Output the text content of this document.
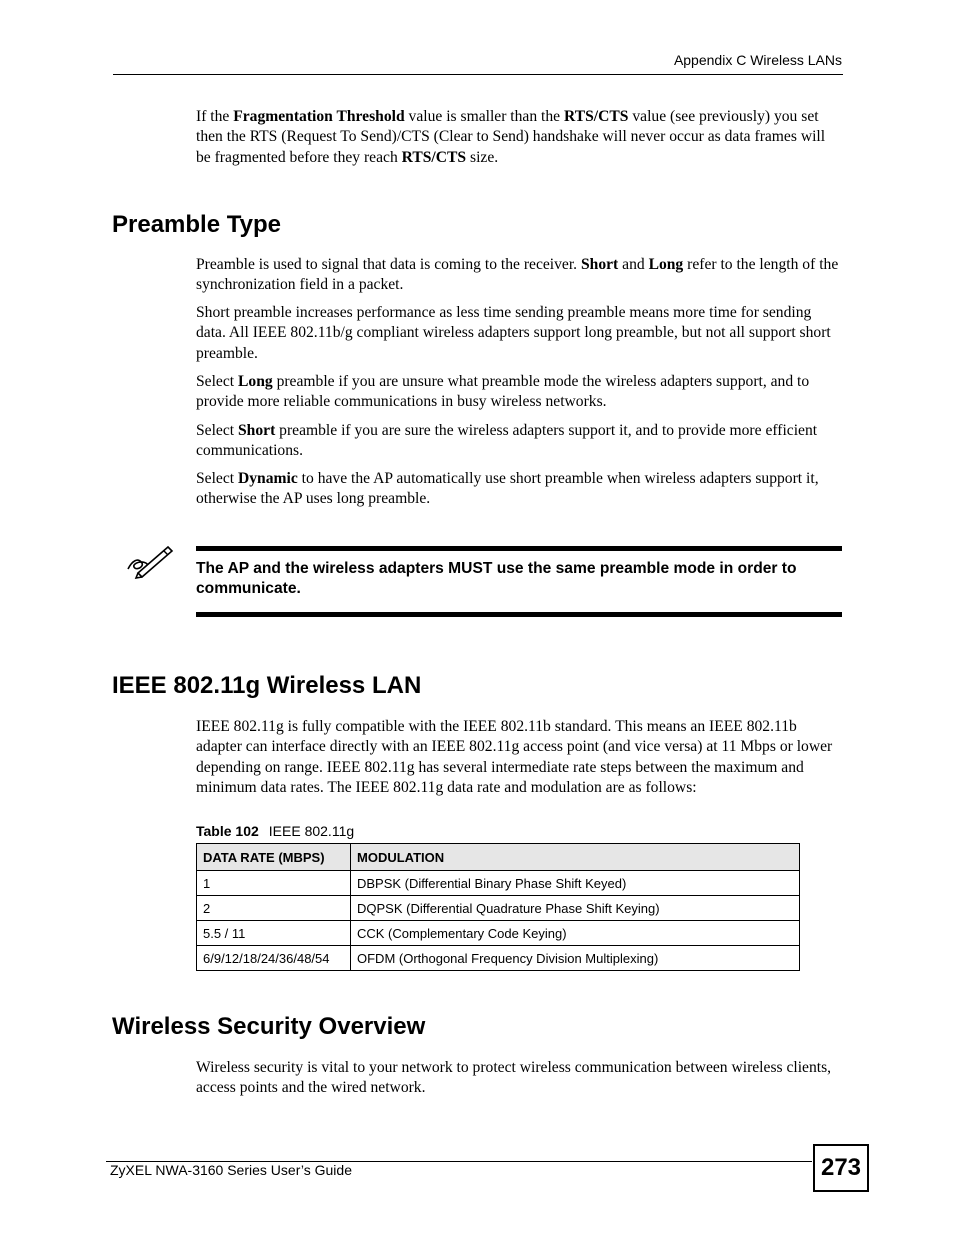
Appendix C Wireless LANs

If the Fragmentation Threshold value is smaller than the RTS/CTS value (see previously) you set then the RTS (Request To Send)/CTS (Clear to Send) handshake will never occur as data frames will be fragmented before they reach RTS/CTS size.

Preamble Type

Preamble is used to signal that data is coming to the receiver. Short and Long refer to the length of the synchronization field in a packet.

Short preamble increases performance as less time sending preamble means more time for sending data. All IEEE 802.11b/g compliant wireless adapters support long preamble, but not all support short preamble.

Select Long preamble if you are unsure what preamble mode the wireless adapters support, and to provide more reliable communications in busy wireless networks.

Select Short preamble if you are sure the wireless adapters support it, and to provide more efficient communications.

Select Dynamic to have the AP automatically use short preamble when wireless adapters support it, otherwise the AP uses long preamble.

The AP and the wireless adapters MUST use the same preamble mode in order to communicate.
IEEE 802.11g Wireless LAN

IEEE 802.11g is fully compatible with the IEEE 802.11b standard. This means an IEEE 802.11b adapter can interface directly with an IEEE 802.11g access point (and vice versa) at 11 Mbps or lower depending on range. IEEE 802.11g has several intermediate rate steps between the maximum and minimum data rates. The IEEE 802.11g data rate and modulation are as follows:

Table 102 IEEE 802.11g
DATA RATE (MBPS)	MODULATION
1	DBPSK (Differential Binary Phase Shift Keyed)
2	DQPSK (Differential Quadrature Phase Shift Keying)
5.5 / 11	CCK (Complementary Code Keying)
6/9/12/18/24/36/48/54	OFDM (Orthogonal Frequency Division Multiplexing)
Wireless Security Overview

Wireless security is vital to your network to protect wireless communication between wireless clients, access points and the wired network.

ZyXEL NWA-3160 Series User’s Guide	273
